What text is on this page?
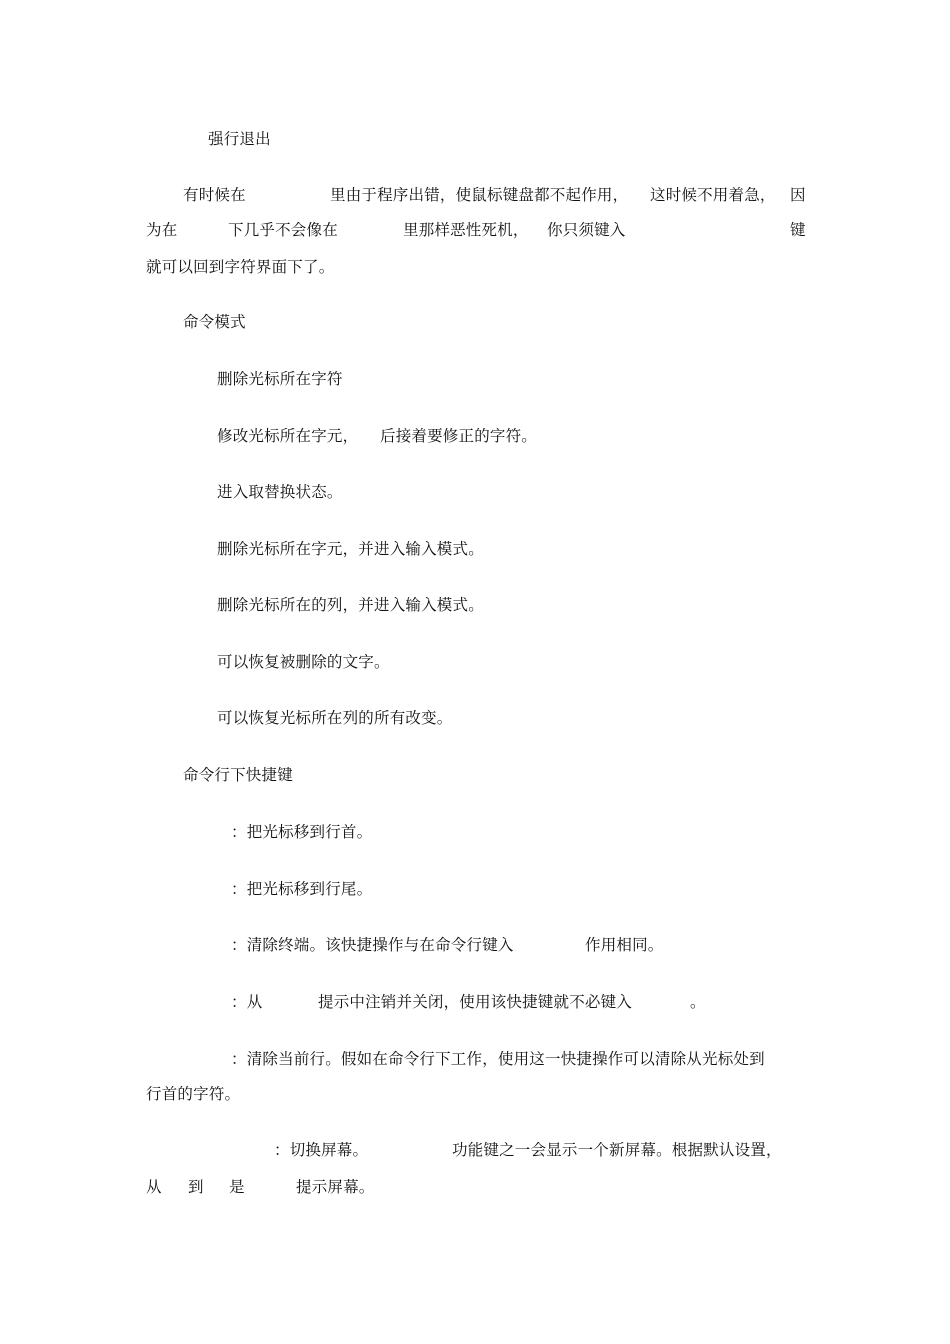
强行退出
有时候在	里由于程序出错，使鼠标键盘都不起作用， 这时候不用着急， 因
为在	下几乎不会像在	里那样恶性死机， 你只须键入	键
就可以回到字符界面下了。
命令模式
删除光标所在字符
修改光标所在字元， 后接着要修正的字符。
进入取替换状态。
删除光标所在字元，并进入输入模式。
删除光标所在的列，并进入输入模式。
可以恢复被删除的文字。
可以恢复光标所在列的所有改变。
命令行下快捷键
：把光标移到行首。
：把光标移到行尾。
：清除终端。该快捷操作与在命令行键入	作用相同。
：从	提示中注销并关闭，使用该快捷键就不必键入	。
：清除当前行。假如在命令行下工作，使用这一快捷操作可以清除从光标处到
行首的字符。
：切换屏幕。	功能键之一会显示一个新屏幕。根据默认设置，
从 到 是	提示屏幕。
